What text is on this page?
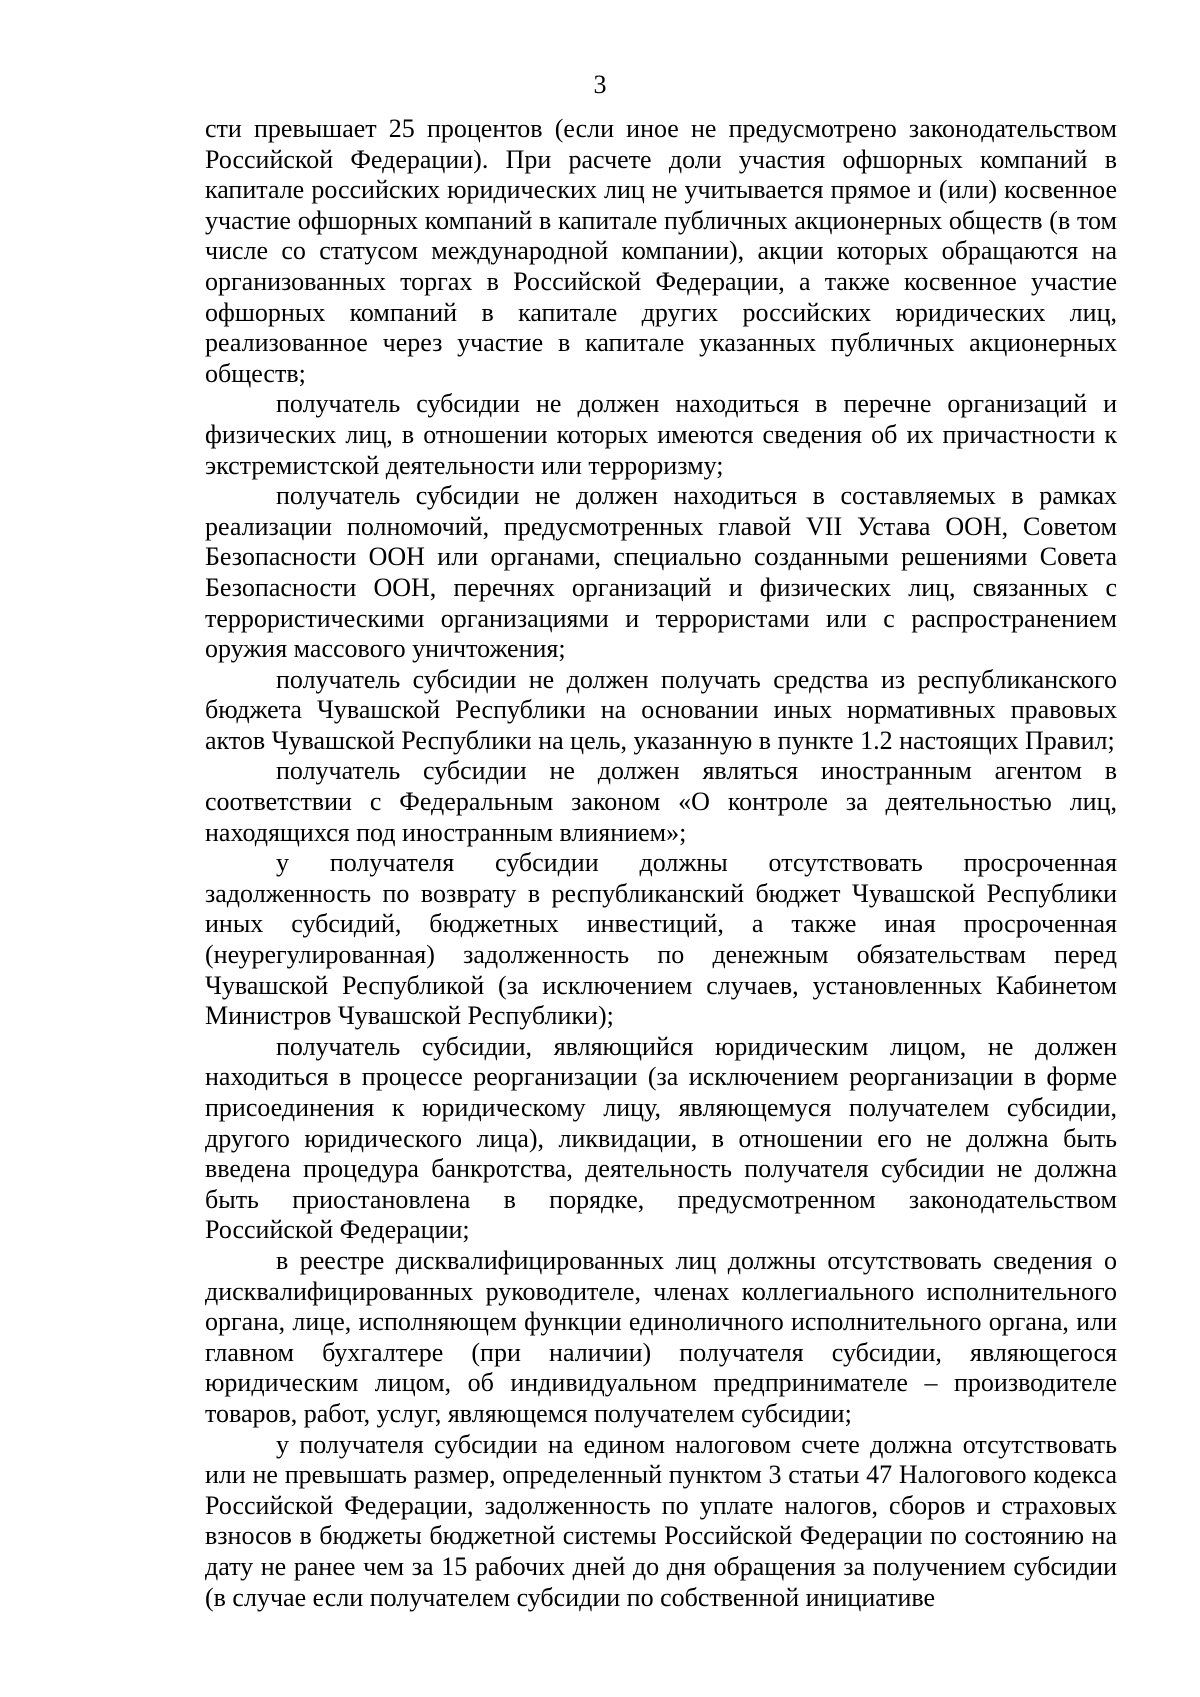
3

сти превышает 25 процентов (если иное не предусмотрено законодательством Российской Федерации). При расчете доли участия офшорных компаний в капитале российских юридических лиц не учитывается прямое и (или) косвенное участие офшорных компаний в капитале публичных акционерных обществ (в том числе со статусом международной компании), акции которых обращаются на организованных торгах в Российской Федерации, а также косвенное участие офшорных компаний в капитале других российских юридических лиц, реализованное через участие в капитале указанных публичных акционерных обществ;

получатель субсидии не должен находиться в перечне организаций и физических лиц, в отношении которых имеются сведения об их причастности к экстремистской деятельности или терроризму;

получатель субсидии не должен находиться в составляемых в рамках реализации полномочий, предусмотренных главой VII Устава ООН, Советом Безопасности ООН или органами, специально созданными решениями Совета Безопасности ООН, перечнях организаций и физических лиц, связанных с террористическими организациями и террористами или с распространением оружия массового уничтожения;

получатель субсидии не должен получать средства из республиканского бюджета Чувашской Республики на основании иных нормативных правовых актов Чувашской Республики на цель, указанную в пункте 1.2 настоящих Правил;

получатель субсидии не должен являться иностранным агентом в соответствии с Федеральным законом «О контроле за деятельностью лиц, находящихся под иностранным влиянием»;

у получателя субсидии должны отсутствовать просроченная задолженность по возврату в республиканский бюджет Чувашской Республики иных субсидий, бюджетных инвестиций, а также иная просроченная (неурегулированная) задолженность по денежным обязательствам перед Чувашской Республикой (за исключением случаев, установленных Кабинетом Министров Чувашской Республики);

получатель субсидии, являющийся юридическим лицом, не должен находиться в процессе реорганизации (за исключением реорганизации в форме присоединения к юридическому лицу, являющемуся получателем субсидии, другого юридического лица), ликвидации, в отношении его не должна быть введена процедура банкротства, деятельность получателя субсидии не должна быть приостановлена в порядке, предусмотренном законодательством Российской Федерации;

в реестре дисквалифицированных лиц должны отсутствовать сведения о дисквалифицированных руководителе, членах коллегиального исполнительного органа, лице, исполняющем функции единоличного исполнительного органа, или главном бухгалтере (при наличии) получателя субсидии, являющегося юридическим лицом, об индивидуальном предпринимателе – производителе товаров, работ, услуг, являющемся получателем субсидии;

у получателя субсидии на едином налоговом счете должна отсутствовать или не превышать размер, определенный пунктом 3 статьи 47 Налогового кодекса Российской Федерации, задолженность по уплате налогов, сборов и страховых взносов в бюджеты бюджетной системы Российской Федерации по состоянию на дату не ранее чем за 15 рабочих дней до дня обращения за получением субсидии (в случае если получателем субсидии по собственной инициативе
